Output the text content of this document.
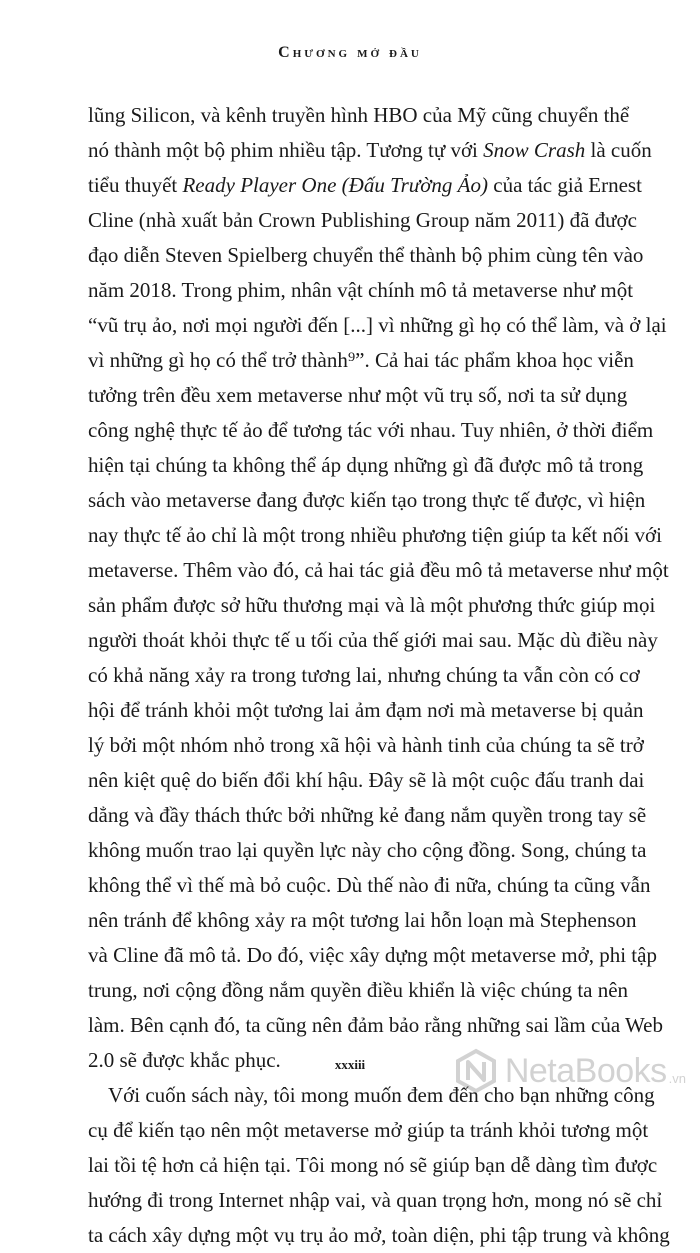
Chương mở đầu
lũng Silicon, và kênh truyền hình HBO của Mỹ cũng chuyển thể
nó thành một bộ phim nhiều tập. Tương tự với Snow Crash là cuốn
tiểu thuyết Ready Player One (Đấu Trường Ảo) của tác giả Ernest
Cline (nhà xuất bản Crown Publishing Group năm 2011) đã được
đạo diễn Steven Spielberg chuyển thể thành bộ phim cùng tên vào
năm 2018. Trong phim, nhân vật chính mô tả metaverse như một
“vũ trụ ảo, nơi mọi người đến [...] vì những gì họ có thể làm, và ở lại
vì những gì họ có thể trở thành⁹”. Cả hai tác phẩm khoa học viễn
tưởng trên đều xem metaverse như một vũ trụ số, nơi ta sử dụng
công nghệ thực tế ảo để tương tác với nhau. Tuy nhiên, ở thời điểm
hiện tại chúng ta không thể áp dụng những gì đã được mô tả trong
sách vào metaverse đang được kiến tạo trong thực tế được, vì hiện
nay thực tế ảo chỉ là một trong nhiều phương tiện giúp ta kết nối với
metaverse. Thêm vào đó, cả hai tác giả đều mô tả metaverse như một
sản phẩm được sở hữu thương mại và là một phương thức giúp mọi
người thoát khỏi thực tế u tối của thế giới mai sau. Mặc dù điều này
có khả năng xảy ra trong tương lai, nhưng chúng ta vẫn còn có cơ
hội để tránh khỏi một tương lai ảm đạm nơi mà metaverse bị quản
lý bởi một nhóm nhỏ trong xã hội và hành tinh của chúng ta sẽ trở
nên kiệt quệ do biến đổi khí hậu. Đây sẽ là một cuộc đấu tranh dai
dẳng và đầy thách thức bởi những kẻ đang nắm quyền trong tay sẽ
không muốn trao lại quyền lực này cho cộng đồng. Song, chúng ta
không thể vì thế mà bỏ cuộc. Dù thế nào đi nữa, chúng ta cũng vẫn
nên tránh để không xảy ra một tương lai hỗn loạn mà Stephenson
và Cline đã mô tả. Do đó, việc xây dựng một metaverse mở, phi tập
trung, nơi cộng đồng nắm quyền điều khiển là việc chúng ta nên
làm. Bên cạnh đó, ta cũng nên đảm bảo rằng những sai lầm của Web
2.0 sẽ được khắc phục.
Với cuốn sách này, tôi mong muốn đem đến cho bạn những công
cụ để kiến tạo nên một metaverse mở giúp ta tránh khỏi tương một
lai tồi tệ hơn cả hiện tại. Tôi mong nó sẽ giúp bạn dễ dàng tìm được
hướng đi trong Internet nhập vai, và quan trọng hơn, mong nó sẽ chỉ
ta cách xây dựng một vụ trụ ảo mở, toàn diện, phi tập trung và không
xxxiii	NetaBooks .vn
